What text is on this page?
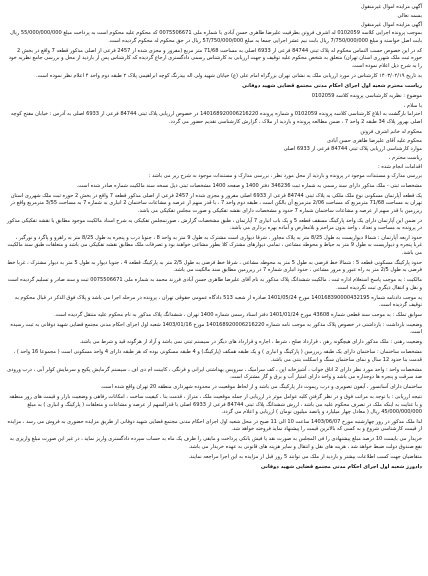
آگهی مزایده اموال غیرمنقول

بسمه تعالی

آگهی مزایده اموال غیرمنقول

بموجب پرونده اجرایی کلاسه 0102059 له اشرف فروتن بطرفیت علیرضا طاهری حسن آبادی با شماره ملی 0075506671 که محکوم علیه محکوم است به پرداخت مبلغ 55/000/000/000 ریال بابت اصل خواسته و مبلغ 7/750/000/000 ریال بابت نیم عشر اجرایی جمعا به مبلغ 57/750/000/000 ریال در حق محکوم له محکوم گردیده است.

که در این خصوص حسب التماس محکوم له پلاک ثبتی 84744 فرعی از 6933 اصلی به مساحت 71/68 متر مربع (مفروز و مجزی شده از 2457 فرعی از اصلی مذکور قطعه 7 واقع در بخش 2 حوزه ثبت ملک شهرری استان تهران) متعلق به شخص محکوم علیه توقیف و جهت ارزیابی به کارشناس رسمی دادگستری ارجاع گردیده که کارشناس پس از بازدید از محل و بررسی جامع نظریه خود را به شرح ذیل اعلام نموده است.

به تاریخ ۱۴۰۳/۰۲/۱۹ کارشناس در مورد ارزیابی ملک به نشانی تهران بزرگراه امام علی (ع) خیابان شهید ولی اله بیدرنگ کوچه ابراهیمی پلاک ۲ طبقه دوم واحد ۴ اعلام نظر نموده است.

ریاست محترم شعبه اول اجرای احکام مدنی مجتمع قضایی شهید دوفانی

موضوع : نظریه کارشناسی پرونده کلاسه 0102059

با سلام ،

احتراما بازگشت به ابلاغ کارشناسی کلاسه پرونده 0102059 و شماره پرونده 140168920006216220 در خصوص ارزیابی پلاک ثبتی 84744 فرعی از 6933 اصلی به آدرس : خیابان مفتح کوچه اصلی بهروز پلاک 34 طبقه 2 واحد 7 ، ضمن مطالعه پرونده و بازدید از ملاک ، گزارش کارشناسی تقدیم حضور می گردد.

محکوم له خانم اشرف فروتن

محکوم علیه آقای علیرضا طاهری حسن آبادی

موارد کارشناسی ارزیابی پلاک ثبتی 84744 فرعی از 6933 اصلی

ریاست محترم ،

اقدامات انجام شده :

بررسی مدارک و مستندات موجود در پرونده و بازدید از محل مورد نظر ، بررسی مدارک و مستندات موجود به شرح زیر می باشد :

مشخصات ثبتی - ملک مذکور دارای سند رسمی به شماره ثبت 346236 دفتر 1400 و صفحه 1400 مشخصات ثبتی ذیل نسخه سند مالکیت شماره صادر شده است.

یک قطعه آپارتمان مسکونی نوع ملک ملکی به پلاک ثبتی 84744 فرعی از 6933 اصلی مفروز و مجزی شده از 2457 فرعی از اصلی مذکور قطعه 7 واقع در بخش 2 حوزه ثبت ملک شهرری استان تهران به مساحت 71/68 مترمربع که مساحت 2/06 مترمربع آن بالکن است ، طبقه دوم واحد 7 ، با قدر سهم از عرصه و مشاعات ساختمان 2 انباری به شماره 7 به مساحت 3/55 مترمربع واقع در زیرزمین با قدر سهم از عرصه و مشاعات ساختمان شماره 7 حدود و مشخصات دارای نقشه تفکیکی و صورت مجلس تفکیکی می باشد.

در ضمن این آپارتمان دارای یک واحد پارکینگ مسقف قطعه 5 و یک باب انباری 7 آپارتمان ، طبق مشخصات گزارش ، صورتمجلس تفکیکی به شرح اسناد مالکیت موجود مطابق با نقشه تفکیکی مذکور در پرونده به مساحت و تعداد ، واحد بدون مزاحم و بلامعارض و آماده بهره برداری می باشد.

حدود اربعه آپارتمان : شمالا دیواریست به طول 8/25 متر به پلاک مجاور ، شرقا دیواری است مشترک به طول 9 متر به واحد 8 ، جنوبا درب و پنجره به طول 8/25 متر به راهرو و پاگرد و نورگیر ، غربا پنجره و دیواریست به طول 9 متر به حیاط و محوطه مشاعی ، تمامی دیوارهای مشترک کلا بطور مشاعی خواهند بود و تصرفات ملک مطابق نقشه تفکیکی می باشد و متعلقات طبق سند مالکیت می باشد.

حدود پارکینگ مسکونی قطعه 5 : شمالا خط فرضی به طول 5 متر به محوطه مشاعی ، شرقا خط فرضی به طول 2/5 متر به پارکینگ قطعه 4 ، جنوبا دیوار به طول 5 متر به دیوار مشترک ، غربا خط فرضی به طول 2/5 متر به راه عبور و مرور مشاعی ، حدود انباری شماره 7 در زیرزمین مطابق سند مالکیت می باشد.

مالکیت : به موجب پاسخ استعلام اداره ثبت ، مالکیت ششدانگ پلاک مذکور به نام آقای علیرضا طاهری حسن آبادی فرزند محمد به شماره ملی 0075506671 ثبت و سند صادر و تسلیم گردیده است و نقل و انتقال دیگری ثبت نگردیده است.

به موجب دادنامه شماره 140168390000432195 مورخ 1401/05/24 صادره از شعبه 513 دادگاه عمومی حقوقی تهران ، پرونده در مرحله اجرا می باشد و پلاک فوق الذکر در قبال محکوم به توقیف گردیده است.

سوابق تملک : به موجب سند قطعی شماره 43608 مورخ 1401/01/24 دفتر اسناد رسمی شماره 1400 تهران ، ششدانگ پلاک مذکور به نام محکوم علیه منتقل گردیده است.

وضعیت بازداشت : بازداشتی در خصوص پلاک مذکور به موجب نامه شماره 140168920006216220 مورخ 1403/01/16 شعبه اول اجرای احکام مدنی مجتمع قضایی شهید دوفانی به ثبت رسیده است.

وضعیت رهنی : ملک مذکور دارای هیچگونه رهن ، قرارداد صلح ، شرط ، اجاره و قرارداد های دیگر در سیستم ثبتی نمی باشد و آزاد از هرگونه قید و شرط می باشد.

مشخصات ساختمان : ساختمان دارای یک طبقه زیرزمین ( پارکینگ و انباری ) و یک طبقه همکف (پارکینگ) و 4 طبقه مسکونی بوده که هر طبقه دارای 4 واحد مسکونی است ( مجموعا 16 واحد ) ، قدمت بنا حدود 12 سال و نمای ساختمان سنگ و اسکلت بتنی می باشد.

مشخصات واحد : واحد مورد نظر دارای 2 اتاق خواب ، آشپزخانه اپن ، کف سرامیک ، سرویس بهداشتی ایرانی و فرنگی ، کابینت ام دی اف ، سیستم گرمایش پکیج و سرمایش کولر آبی ، درب ورودی ضد سرقت و پنجره ها دوجداره می باشد و واحد دارای امتیاز آب و برق و گاز مشترک است.

ساختمان دارای آسانسور ، آیفون تصویری و درب ریموت دار پارکینگ می باشد و از لحاظ موقعیت در محدوده شهرداری منطقه 20 تهران واقع شده است.

نتیجه ارزیابی : با توجه به مراتب فوق و در نظر گرفتن کلیه عوامل موثر در ارزیابی از جمله موقعیت ملک ، متراژ ، قدمت بنا ، کیفیت ساخت ، امکانات رفاهی و وضعیت بازار و قیمت های روز منطقه و با عنایت به اینکه ملک در تصرف محکوم علیه می باشد ، ارزش ششدانگ پلاک ثبتی 84744 فرعی از 6933 اصلی با قدرالسهم از عرصه و مشاعات و متعلقات ( پارکینگ و انباری ) به مبلغ 45/000/000/000 ریال ( معادل چهار میلیارد و پانصد میلیون تومان ) ارزیابی و اعلام می گردد.

لذا ملک مذکور در روز چهارشنبه مورخ 1403/06/07 ساعت 10 الی 11 صبح در محل شعبه اول اجرای احکام مدنی مجتمع قضایی شهید دوفانی از طریق مزایده حضوری به فروش می رسد ، مزایده از قیمت کارشناسی شروع و به کسی که بالاترین قیمت را پیشنهاد نماید فروخته خواهد شد.

خریدار می بایست 10 درصد مبلغ پیشنهادی را فی المجلس به صورت نقد یا فیش بانکی پرداخت و مابقی را ظرف یک ماه به حساب سپرده دادگستری واریز نماید ، در غیر این صورت مبلغ واریزی به نفع صندوق دولت ضبط خواهد شد ، هزینه های نقل و انتقال و سایر هزینه های قانونی به عهده خریدار می باشد.

متقاضیان جهت کسب اطلاعات بیشتر و بازدید از ملک می توانند 5 روز قبل از مزایده به این اجرا مراجعه نمایند.

دادورز شعبه اول اجرای احکام مدنی مجتمع قضایی شهید دوفانی
